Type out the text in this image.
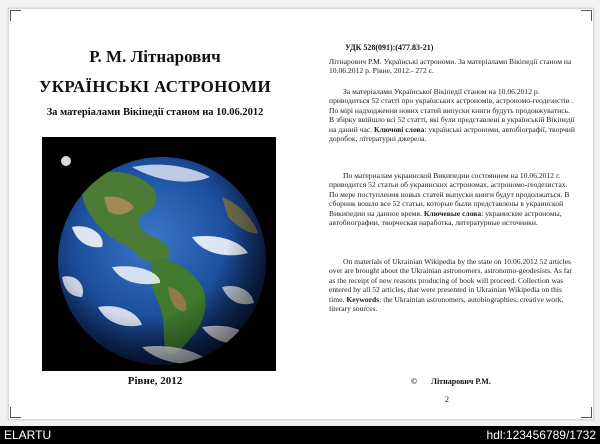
Р. М. Літнарович
УКРАЇНСЬКІ АСТРОНОМИ
За матеріалами Вікіпедії станом на 10.06.2012
Рівне, 2012
УДК 528(091):(477.83-21)

Літнарович Р.М. Українські астрономи. За матеріалами Вікіпедії станом на 10.06.2012 р. Рівне, 2012.- 272 с.

За матеріалами Української Вікіпедії станом на 10.06.2012 р. приводиться 52 статті про українських астрономів, астрономо-геодезистів . По мірі надходження нових статей випуски книги будуть продовжуватись. В збірку ввійшло всі 52 статті, які були представлені в українській Вікіпедії на даний час. Ключові слова: українські астрономи, автобіографії, творчий доробок, літературні джерела.

По материалам украинской Википедии состоянием на 10.06.2012 г. приводится 52 статьи об украинских астрономах, астрономо-геодезистах. По мере поступления новых статей выпуски книги будут продолжаться. В сборник вошло все 52 статьи, которые были представлены в украинской Википедии на данное время. Ключевые слова: украинские астрономы, автобиографии, творческая наработка, литературные источники.

On materials of Ukrainian Wikipedia by the state on 10.06.2012 52 articles over are brought about the Ukrainian astronomers, astronomo-geodesists. As far as the receipt of new reasons producing of book will proceed. Collection was entered by all 52 articles, that were presented in Ukrainian Wikipedia on this time. Keywords: the Ukrainian astronomers, autobiographies, creative work, literary sources.

© Літнарович Р.М.
2
ELARTU	hdl:123456789/1732
